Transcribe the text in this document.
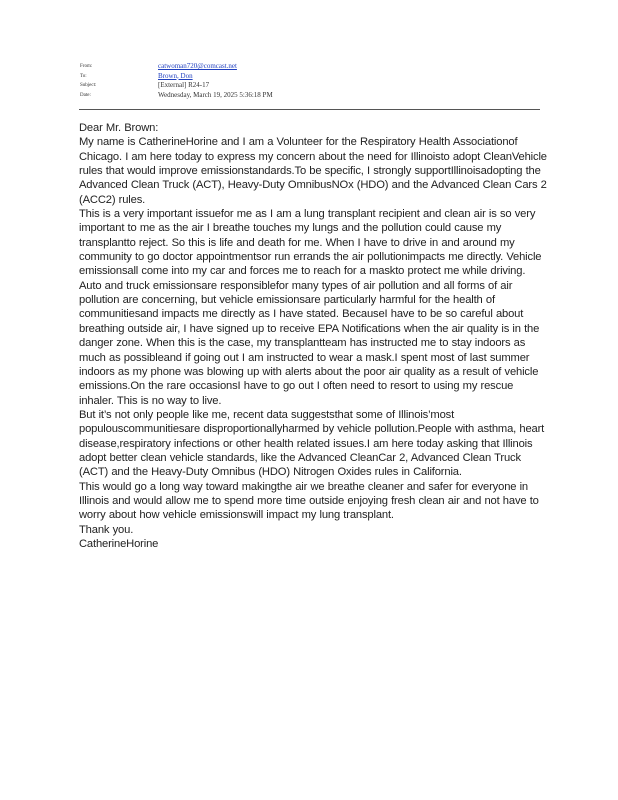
From:	catwoman720@comcast.net
To:	Brown, Don
Subject:	[External] R24-17
Date:	Wednesday, March 19, 2025 5:36:18 PM

Dear Mr. Brown:

My name is CatherineHorine and I am a Volunteer for the Respiratory Health Associationof Chicago. I am here today to express my concern about the need for Illinoisto adopt CleanVehicle rules that would improve emissionstandards.To be specific, I strongly supportIllinoisadopting the Advanced Clean Truck (ACT), Heavy-Duty OmnibusNOx (HDO) and the Advanced Clean Cars 2 (ACC2) rules.

This is a very important issuefor me as I am a lung transplant recipient and clean air is so very important to me as the air I breathe touches my lungs and the pollution could cause my transplantto reject. So this is life and death for me. When I have to drive in and around my community to go doctor appointmentsor run errands the air pollutionimpacts me directly. Vehicle emissionsall come into my car and forces me to reach for a maskto protect me while driving. Auto and truck emissionsare responsiblefor many types of air pollution and all forms of air pollution are concerning, but vehicle emissionsare particularly harmful for the health of communitiesand impacts me directly as I have stated. BecauseI have to be so careful about breathing outside air, I have signed up to receive EPA Notifications when the air quality is in the danger zone. When this is the case, my transplantteam has instructed me to stay indoors as much as possibleand if going out I am instructed to wear a mask.I spent most of last summer indoors as my phone was blowing up with alerts about the poor air quality as a result of vehicle emissions.On the rare occasionsI have to go out I often need to resort to using my rescue inhaler. This is no way to live.

But it’s not only people like me, recent data suggeststhat some of Illinois’most populouscommunitiesare disproportionallyharmed by vehicle pollution.People with asthma, heart disease,respiratory infections or other health related issues.I am here today asking that Illinois adopt better clean vehicle standards, like the Advanced CleanCar 2, Advanced Clean Truck (ACT) and the Heavy-Duty Omnibus (HDO) Nitrogen Oxides rules in California.

This would go a long way toward makingthe air we breathe cleaner and safer for everyone in Illinois and would allow me to spend more time outside enjoying fresh clean air and not have to worry about how vehicle emissionswill impact my lung transplant.

Thank you.

CatherineHorine
